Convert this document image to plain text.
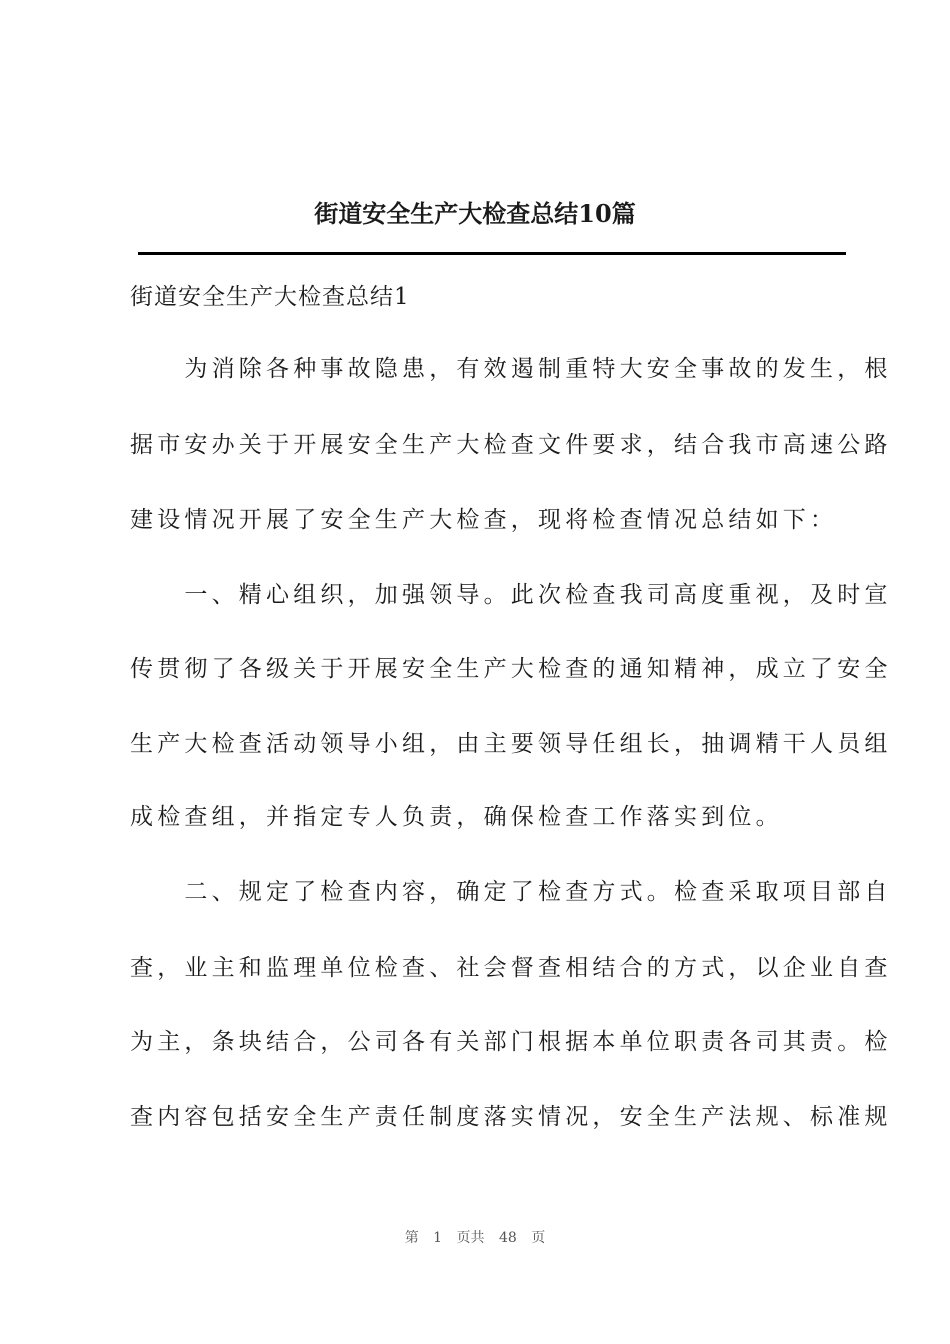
街道安全生产大检查总结10篇
街道安全生产大检查总结1
　　为消除各种事故隐患，有效遏制重特大安全事故的发生，根
据市安办关于开展安全生产大检查文件要求，结合我市高速公路
建设情况开展了安全生产大检查，现将检查情况总结如下：
　　一、精心组织，加强领导。此次检查我司高度重视，及时宣
传贯彻了各级关于开展安全生产大检查的通知精神，成立了安全
生产大检查活动领导小组，由主要领导任组长，抽调精干人员组
成检查组，并指定专人负责，确保检查工作落实到位。
　　二、规定了检查内容，确定了检查方式。检查采取项目部自
查，业主和监理单位检查、社会督查相结合的方式，以企业自查
为主，条块结合，公司各有关部门根据本单位职责各司其责。检
查内容包括安全生产责任制度落实情况，安全生产法规、标准规
第 1 页共 48 页
